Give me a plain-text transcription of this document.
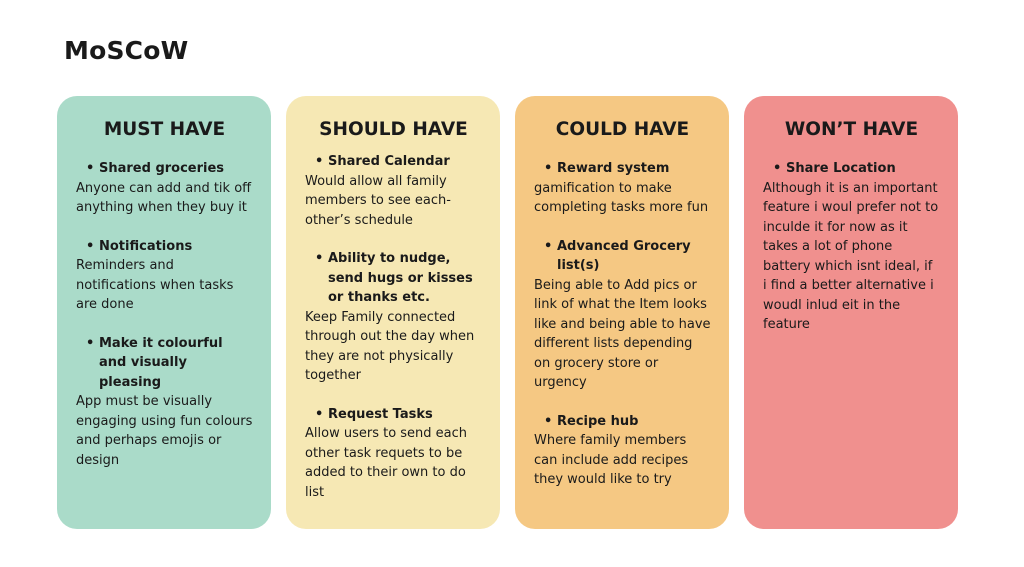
MoSCoW
MUST HAVE
• Shared groceries
Anyone can add and tik off anything when they buy it
• Notifications
Reminders and notifications when tasks are done
• Make it colourful and visually pleasing
App must be visually engaging using fun colours and perhaps emojis or design
SHOULD HAVE
• Shared Calendar
Would allow all family members to see each-other’s schedule
• Ability to nudge, send hugs or kisses or thanks etc.
Keep Family connected through out the day when they are not physically together
• Request Tasks
Allow users to send each other task requets to be added to their own to do list
COULD HAVE
• Reward system
gamification to make completing tasks more fun
• Advanced Grocery list(s)
Being able to Add pics or link of what the Item looks like and being able to have different lists depending on grocery store or urgency
• Recipe hub
Where family members can include add recipes they would like to try
WON’T HAVE
• Share Location
Although it is an important feature i woul prefer not to inculde it for now as it takes a lot of phone battery which isnt ideal, if i find a better alternative i woudl inlud eit in the feature
